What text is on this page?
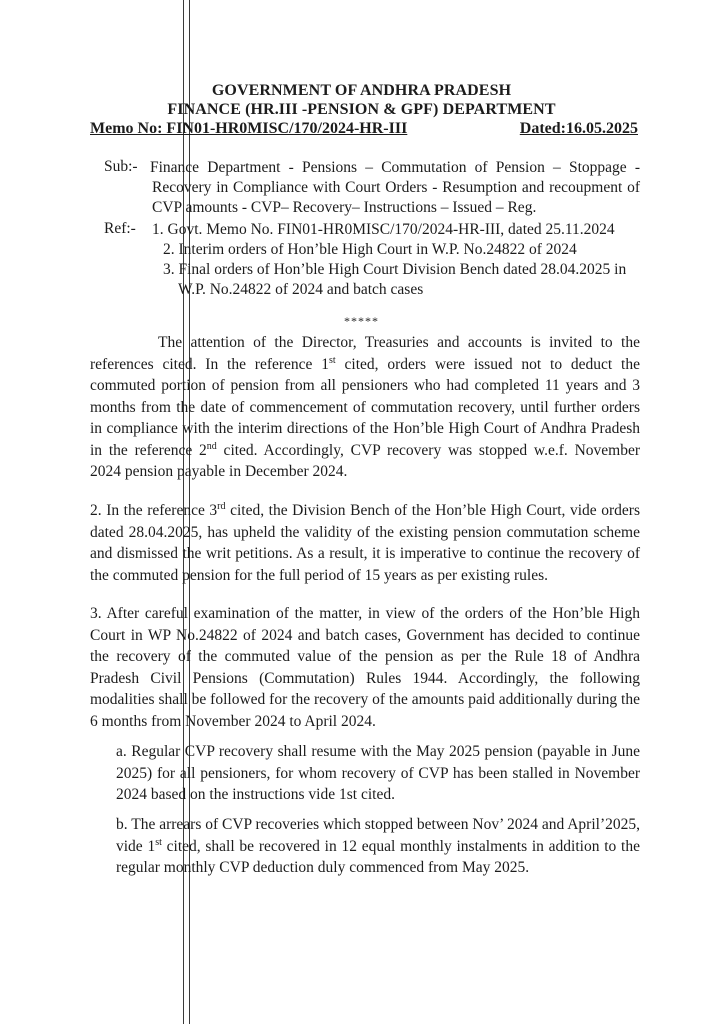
GOVERNMENT OF ANDHRA PRADESH
FINANCE (HR.III -PENSION & GPF) DEPARTMENT
Memo No: FIN01-HR0MISC/170/2024-HR-III	Dated:16.05.2025
Sub:- Finance Department - Pensions – Commutation of Pension – Stoppage - Recovery in Compliance with Court Orders - Resumption and recoupment of CVP amounts - CVP– Recovery– Instructions – Issued – Reg.
Ref:- 1. Govt. Memo No. FIN01-HR0MISC/170/2024-HR-III, dated 25.11.2024
2. Interim orders of Hon’ble High Court in W.P. No.24822 of 2024
3. Final orders of Hon’ble High Court Division Bench dated 28.04.2025 in
W.P. No.24822 of 2024 and batch cases
*****
The attention of the Director, Treasuries and accounts is invited to the references cited. In the reference 1st cited, orders were issued not to deduct the commuted portion of pension from all pensioners who had completed 11 years and 3 months from the date of commencement of commutation recovery, until further orders in compliance with the interim directions of the Hon’ble High Court of Andhra Pradesh in the reference 2nd cited. Accordingly, CVP recovery was stopped w.e.f. November 2024 pension payable in December 2024.
2. In the reference 3rd cited, the Division Bench of the Hon’ble High Court, vide orders dated 28.04.2025, has upheld the validity of the existing pension commutation scheme and dismissed the writ petitions. As a result, it is imperative to continue the recovery of the commuted pension for the full period of 15 years as per existing rules.
3. After careful examination of the matter, in view of the orders of the Hon’ble High Court in WP No.24822 of 2024 and batch cases, Government has decided to continue the recovery of the commuted value of the pension as per the Rule 18 of Andhra Pradesh Civil Pensions (Commutation) Rules 1944. Accordingly, the following modalities shall be followed for the recovery of the amounts paid additionally during the 6 months from November 2024 to April 2024.
a. Regular CVP recovery shall resume with the May 2025 pension (payable in June 2025) for all pensioners, for whom recovery of CVP has been stalled in November 2024 based on the instructions vide 1st cited.
b. The arrears of CVP recoveries which stopped between Nov’ 2024 and April’2025, vide 1st cited, shall be recovered in 12 equal monthly instalments in addition to the regular monthly CVP deduction duly commenced from May 2025.
